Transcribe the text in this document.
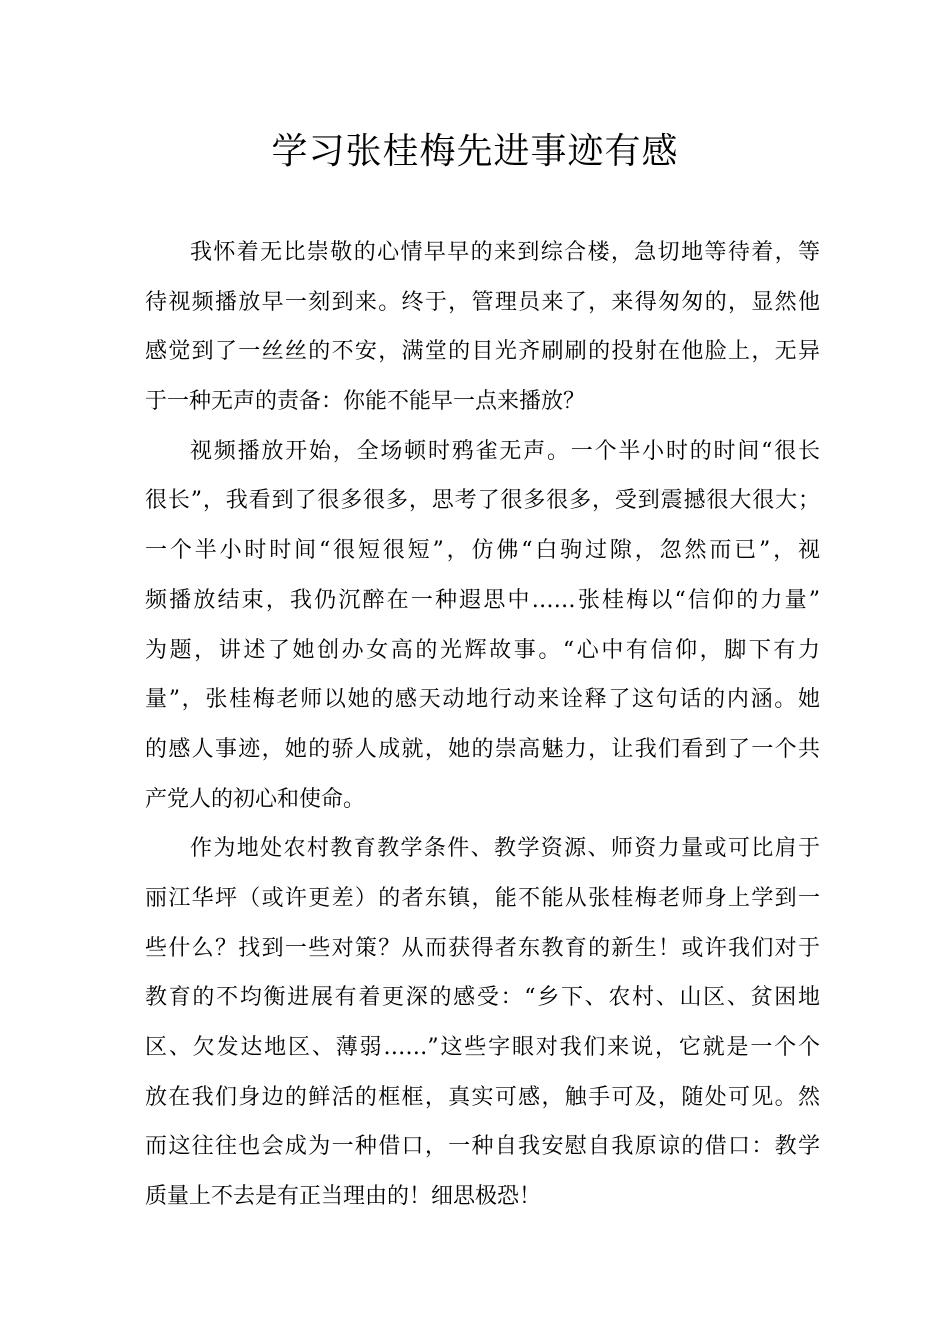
学习张桂梅先进事迹有感
我怀着无比崇敬的心情早早的来到综合楼，急切地等待着，等
待视频播放早一刻到来。终于，管理员来了，来得匆匆的，显然他
感觉到了一丝丝的不安，满堂的目光齐刷刷的投射在他脸上，无异
于一种无声的责备：你能不能早一点来播放？
视频播放开始，全场顿时鸦雀无声。一个半小时的时间“很长
很长”，我看到了很多很多，思考了很多很多，受到震撼很大很大；
一个半小时时间“很短很短”，仿佛“白驹过隙，忽然而已”，视
频播放结束，我仍沉醉在一种遐思中……张桂梅以“信仰的力量”
为题，讲述了她创办女高的光辉故事。“心中有信仰，脚下有力
量”，张桂梅老师以她的感天动地行动来诠释了这句话的内涵。她
的感人事迹，她的骄人成就，她的崇高魅力，让我们看到了一个共
产党人的初心和使命。
作为地处农村教育教学条件、教学资源、师资力量或可比肩于
丽江华坪（或许更差）的者东镇，能不能从张桂梅老师身上学到一
些什么？找到一些对策？从而获得者东教育的新生！或许我们对于
教育的不均衡进展有着更深的感受：“乡下、农村、山区、贫困地
区、欠发达地区、薄弱……”这些字眼对我们来说，它就是一个个
放在我们身边的鲜活的框框，真实可感，触手可及，随处可见。然
而这往往也会成为一种借口，一种自我安慰自我原谅的借口：教学
质量上不去是有正当理由的！细思极恐！
